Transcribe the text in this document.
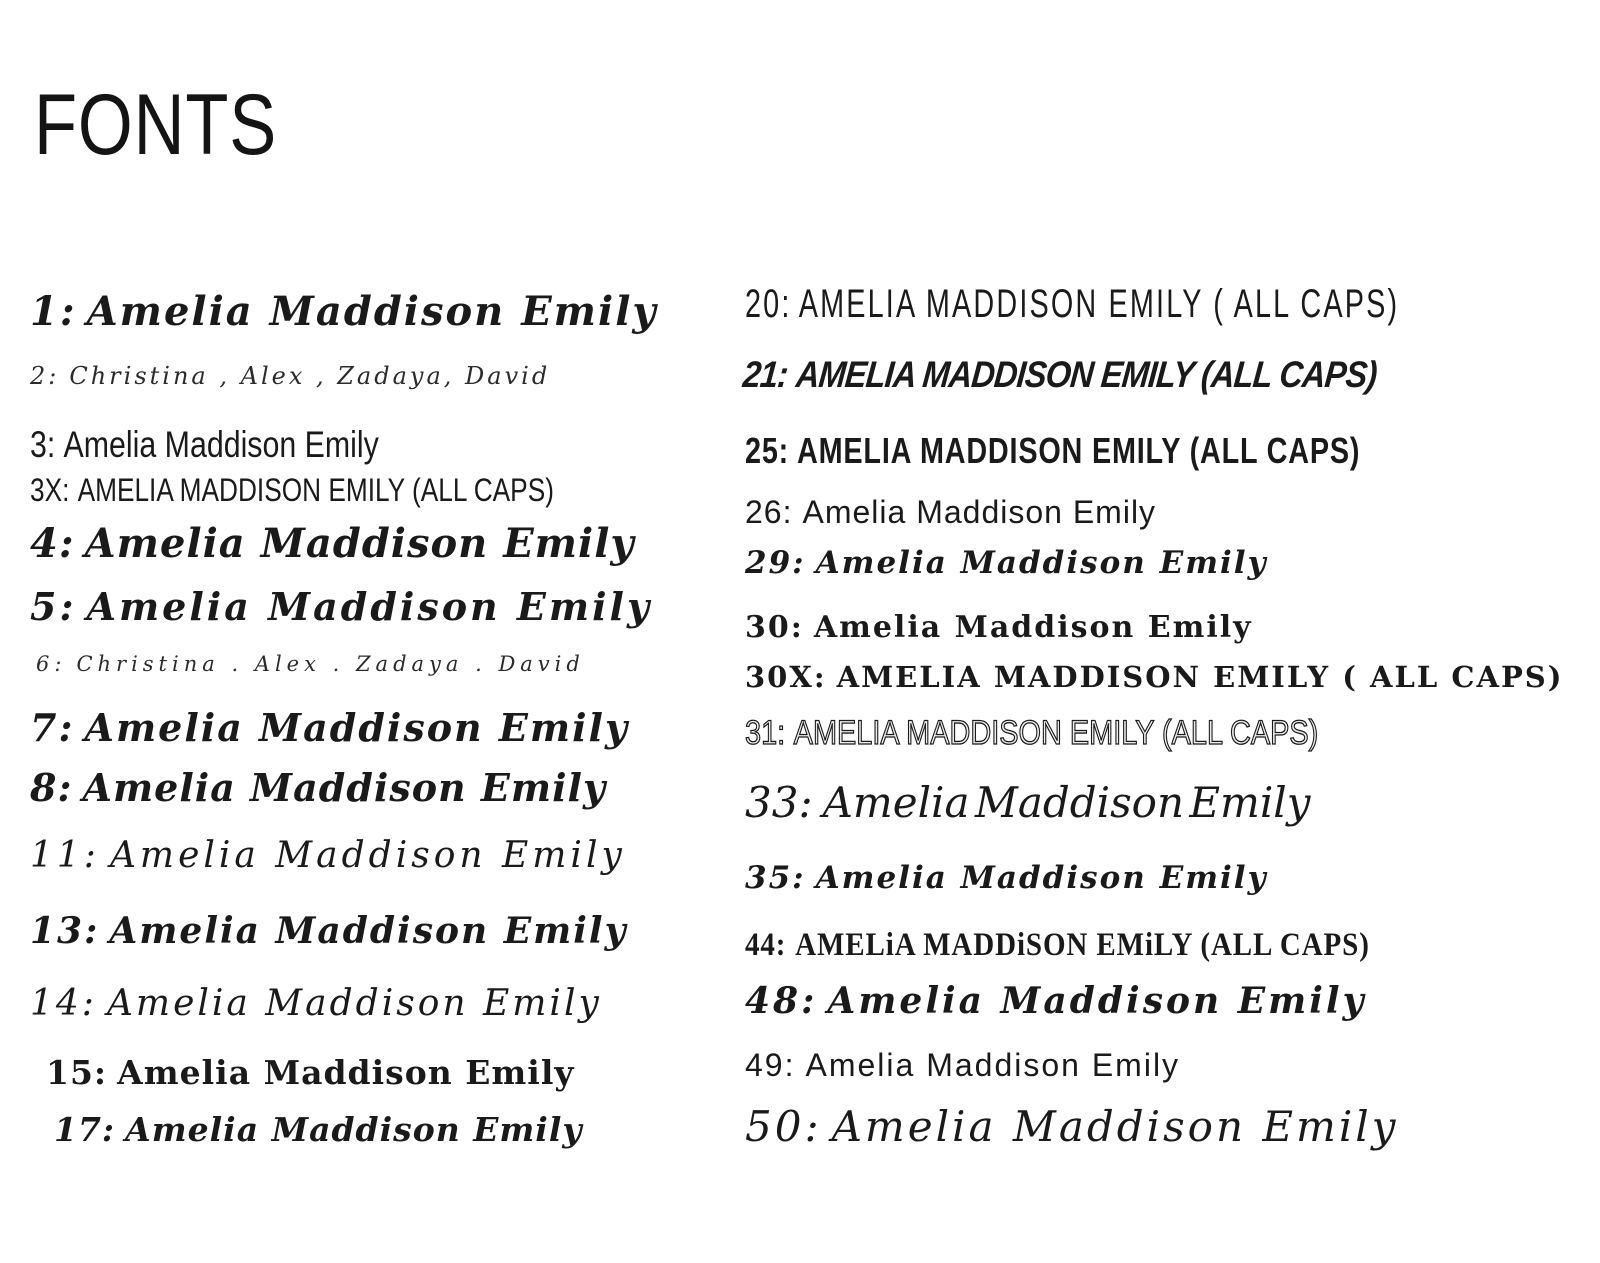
FONTS
1: Amelia Maddison Emily
2: Christina , Alex , Zadaya, David
3: Amelia Maddison Emily
3X: AMELIA MADDISON EMILY (ALL CAPS)
4: Amelia Maddison Emily
5: Amelia Maddison Emily
6: Christina . Alex . Zadaya . David
7: Amelia Maddison Emily
8: Amelia Maddison Emily
11: Amelia Maddison Emily
13: Amelia Maddison Emily
14: Amelia Maddison Emily
15: Amelia Maddison Emily
17: Amelia Maddison Emily
20: AMELIA MADDISON EMILY ( ALL CAPS)
21: AMELIA MADDISON EMILY (ALL CAPS)
25: AMELIA MADDISON EMILY (ALL CAPS)
26: Amelia Maddison Emily
29: Amelia Maddison Emily
30: Amelia Maddison Emily
30X: AMELIA MADDISON EMILY ( ALL CAPS)
31: AMELIA MADDISON EMILY (ALL CAPS)
33: Amelia Maddison Emily
35: Amelia Maddison Emily
44: AMELiA MADDiSON EMiLY (ALL CAPS)
48: Amelia Maddison Emily
49: Amelia Maddison Emily
50: Amelia Maddison Emily
